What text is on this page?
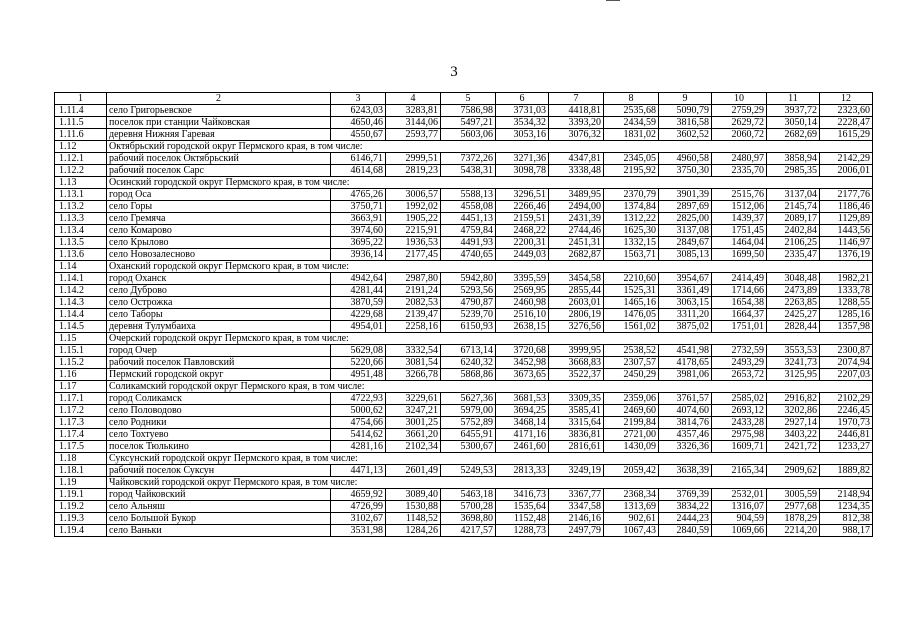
3
1	2	3	4	5	6	7	8	9	10	11	12
1.11.4	село Григорьевское	6243,03	3283,81	7586,98	3731,03	4418,81	2535,68	5090,79	2759,29	3937,72	2323,60
1.11.5	поселок при станции Чайковская	4650,46	3144,06	5497,21	3534,32	3393,20	2434,59	3816,58	2629,72	3050,14	2228,47
1.11.6	деревня Нижняя Гаревая	4550,67	2593,77	5603,06	3053,16	3076,32	1831,02	3602,52	2060,72	2682,69	1615,29
1.12	Октябрьский городской округ Пермского края, в том числе:										
1.12.1	рабочий поселок Октябрьский	6146,71	2999,51	7372,26	3271,36	4347,81	2345,05	4960,58	2480,97	3858,94	2142,29
1.12.2	рабочий поселок Сарс	4614,68	2819,23	5438,31	3098,78	3338,48	2195,92	3750,30	2335,70	2985,35	2006,01
1.13	Осинский городской округ Пермского края, в том числе:										
1.13.1	город Оса	4765,26	3006,57	5588,13	3296,51	3489,95	2370,79	3901,39	2515,76	3137,04	2177,76
1.13.2	село Горы	3750,71	1992,02	4558,08	2266,46	2494,00	1374,84	2897,69	1512,06	2145,74	1186,46
1.13.3	село Гремяча	3663,91	1905,22	4451,13	2159,51	2431,39	1312,22	2825,00	1439,37	2089,17	1129,89
1.13.4	село Комарово	3974,60	2215,91	4759,84	2468,22	2744,46	1625,30	3137,08	1751,45	2402,84	1443,56
1.13.5	село Крылово	3695,22	1936,53	4491,93	2200,31	2451,31	1332,15	2849,67	1464,04	2106,25	1146,97
1.13.6	село Новозалесново	3936,14	2177,45	4740,65	2449,03	2682,87	1563,71	3085,13	1699,50	2335,47	1376,19
1.14	Оханский городской округ Пермского края, в том числе:										
1.14.1	город Оханск	4942,64	2987,80	5942,80	3395,59	3454,58	2210,60	3954,67	2414,49	3048,48	1982,21
1.14.2	село Дуброво	4281,44	2191,24	5293,56	2569,95	2855,44	1525,31	3361,49	1714,66	2473,89	1333,78
1.14.3	село Острожка	3870,59	2082,53	4790,87	2460,98	2603,01	1465,16	3063,15	1654,38	2263,85	1288,55
1.14.4	село Таборы	4229,68	2139,47	5239,70	2516,10	2806,19	1476,05	3311,20	1664,37	2425,27	1285,16
1.14.5	деревня Тулумбаиха	4954,01	2258,16	6150,93	2638,15	3276,56	1561,02	3875,02	1751,01	2828,44	1357,98
1.15	Очерский городской округ Пермского края, в том числе:										
1.15.1	город Очер	5629,08	3332,54	6713,14	3720,68	3999,95	2538,52	4541,98	2732,59	3553,53	2300,87
1.15.2	рабочий поселок Павловский	5220,66	3081,54	6240,32	3452,98	3668,83	2307,57	4178,65	2493,29	3241,73	2074,94
1.16	Пермский городской округ	4951,48	3266,78	5868,86	3673,65	3522,37	2450,29	3981,06	2653,72	3125,95	2207,03
1.17	Соликамский городской округ Пермского края, в том числе:										
1.17.1	город Соликамск	4722,93	3229,61	5627,36	3681,53	3309,35	2359,06	3761,57	2585,02	2916,82	2102,29
1.17.2	село Половодово	5000,62	3247,21	5979,00	3694,25	3585,41	2469,60	4074,60	2693,12	3202,86	2246,45
1.17.3	село Родники	4754,66	3001,25	5752,89	3468,14	3315,64	2199,84	3814,76	2433,28	2927,14	1970,73
1.17.4	село Тохтуево	5414,62	3661,20	6455,91	4171,16	3836,81	2721,00	4357,46	2975,98	3403,22	2446,81
1.17.5	поселок Тюлькино	4281,16	2102,34	5300,67	2461,60	2816,61	1430,09	3326,36	1609,71	2421,72	1233,27
1.18	Суксунский городской округ Пермского края, в том числе:										
1.18.1	рабочий поселок Суксун	4471,13	2601,49	5249,53	2813,33	3249,19	2059,42	3638,39	2165,34	2909,62	1889,82
1.19	Чайковский городской округ Пермского края, в том числе:										
1.19.1	город Чайковский	4659,92	3089,40	5463,18	3416,73	3367,77	2368,34	3769,39	2532,01	3005,59	2148,94
1.19.2	село Альняш	4726,99	1530,88	5700,28	1535,64	3347,58	1313,69	3834,22	1316,07	2977,68	1234,35
1.19.3	село Большой Букор	3102,67	1148,52	3698,80	1152,48	2146,16	902,61	2444,23	904,59	1878,29	812,38
1.19.4	село Ваньки	3531,98	1284,26	4217,57	1288,73	2497,79	1067,43	2840,59	1069,66	2214,20	988,17
